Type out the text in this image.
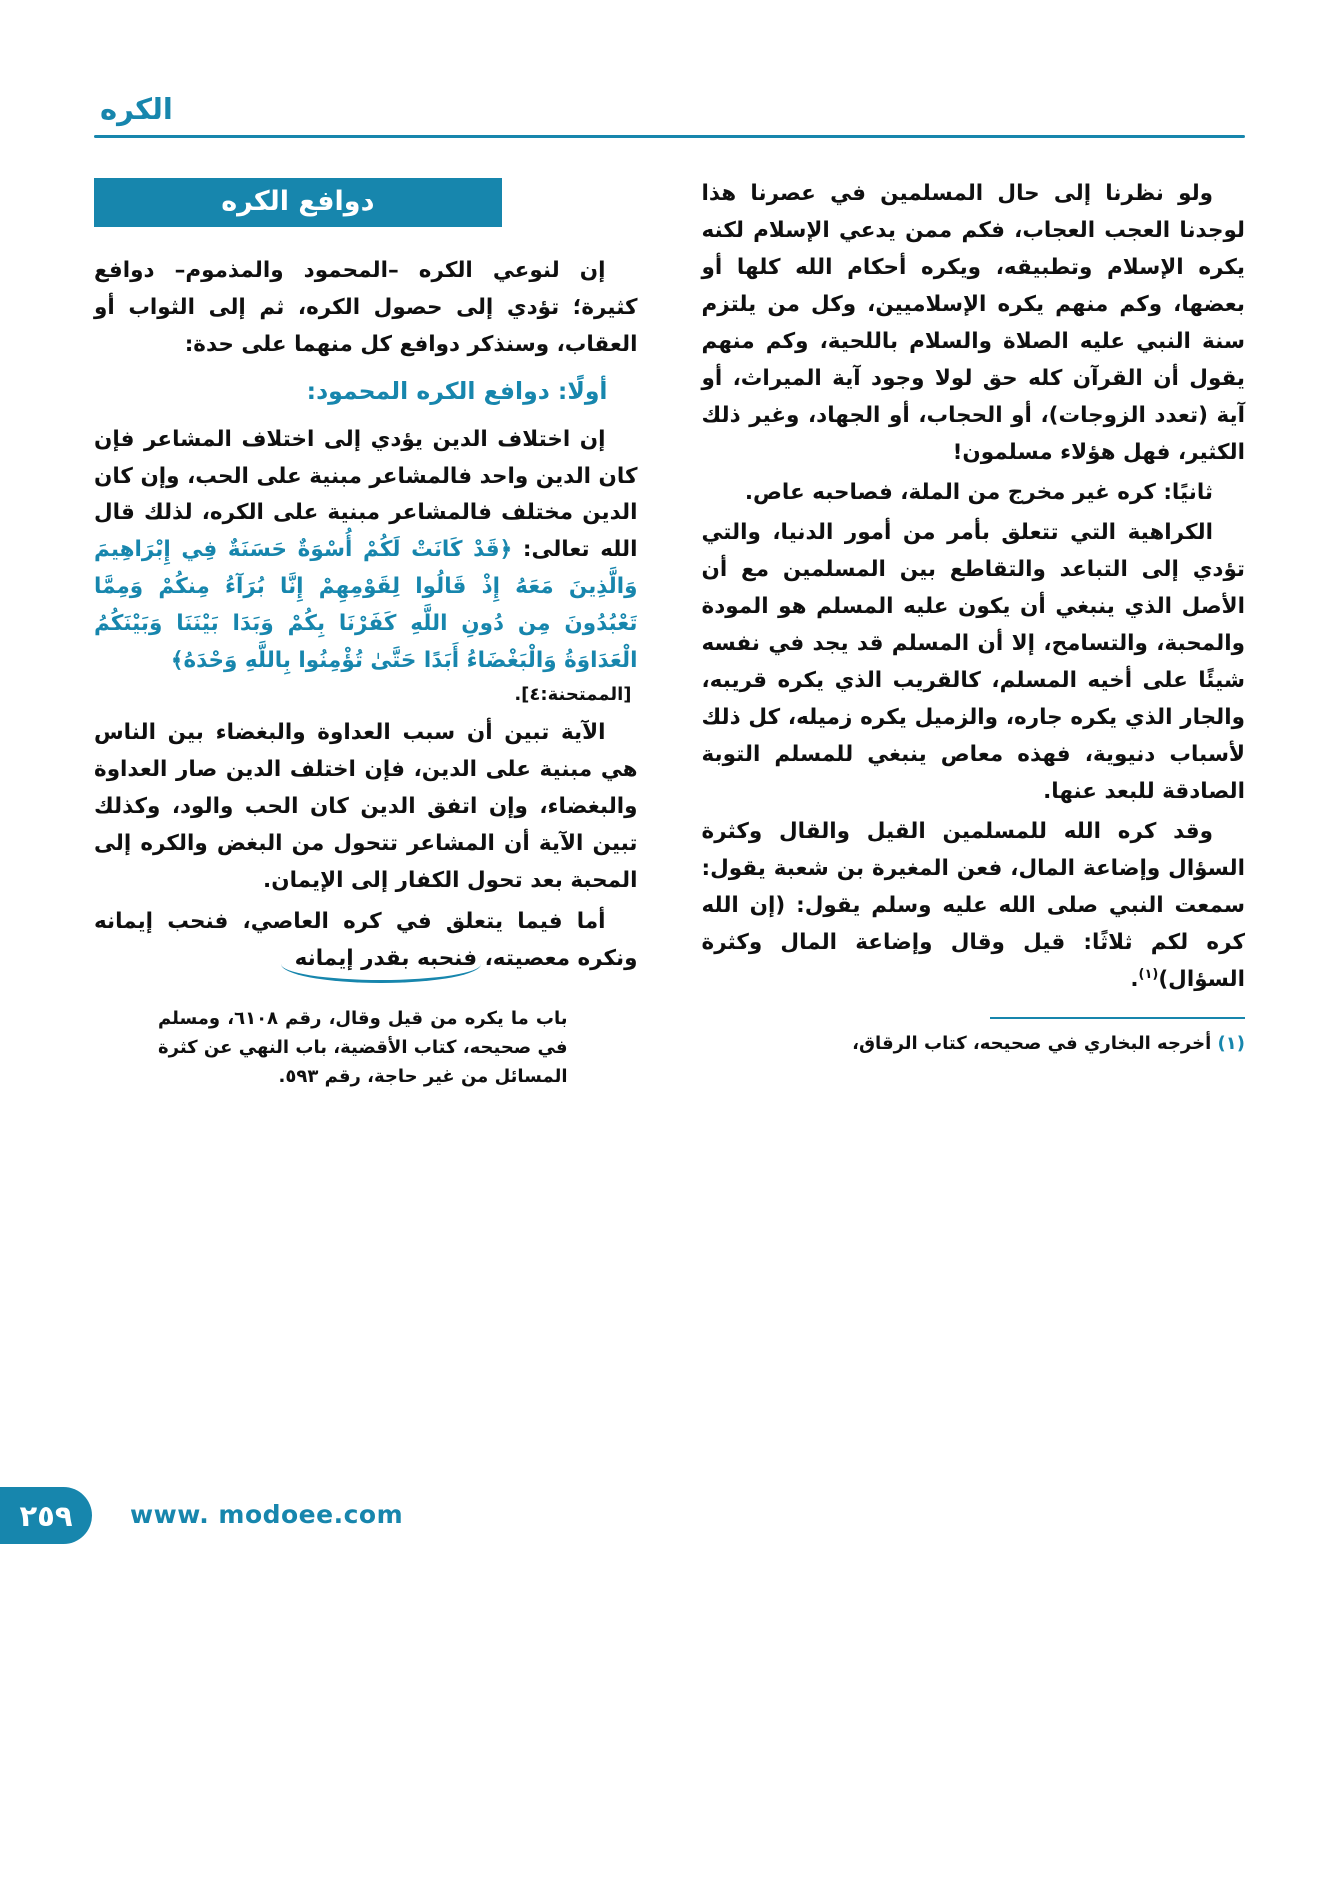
الكره

ولو نظرنا إلى حال المسلمين في عصرنا هذا لوجدنا العجب العجاب، فكم ممن يدعي الإسلام لكنه يكره الإسلام وتطبيقه، ويكره أحكام الله كلها أو بعضها، وكم منهم يكره الإسلاميين، وكل من يلتزم سنة النبي عليه الصلاة والسلام باللحية، وكم منهم يقول أن القرآن كله حق لولا وجود آية الميراث، أو آية (تعدد الزوجات)، أو الحجاب، أو الجهاد، وغير ذلك الكثير، فهل هؤلاء مسلمون!

ثانيًا: كره غير مخرج من الملة، فصاحبه عاص.

الكراهية التي تتعلق بأمر من أمور الدنيا، والتي تؤدي إلى التباعد والتقاطع بين المسلمين مع أن الأصل الذي ينبغي أن يكون عليه المسلم هو المودة والمحبة، والتسامح، إلا أن المسلم قد يجد في نفسه شيئًا على أخيه المسلم، كالقريب الذي يكره قريبه، والجار الذي يكره جاره، والزميل يكره زميله، كل ذلك لأسباب دنيوية، فهذه معاص ينبغي للمسلم التوبة الصادقة للبعد عنها.

وقد كره الله للمسلمين القيل والقال وكثرة السؤال وإضاعة المال، فعن المغيرة بن شعبة يقول: سمعت النبي صلى الله عليه وسلم يقول: (إن الله كره لكم ثلاثًا: قيل وقال وإضاعة المال وكثرة السؤال)$^{(١)}$.

(١) أخرجه البخاري في صحيحه، كتاب الرقاق،

دوافع الكره

إن لنوعي الكره –المحمود والمذموم– دوافع كثيرة؛ تؤدي إلى حصول الكره، ثم إلى الثواب أو العقاب، وسنذكر دوافع كل منهما على حدة:

أولًا: دوافع الكره المحمود:

إن اختلاف الدين يؤدي إلى اختلاف المشاعر فإن كان الدين واحد فالمشاعر مبنية على الحب، وإن كان الدين مختلف فالمشاعر مبنية على الكره، لذلك قال الله تعالى: ﴿قَدْ كَانَتْ لَكُمْ أُسْوَةٌ حَسَنَةٌ فِي إِبْرَاهِيمَ وَالَّذِينَ مَعَهُ إِذْ قَالُوا لِقَوْمِهِمْ إِنَّا بُرَآءُ مِنكُمْ وَمِمَّا تَعْبُدُونَ مِن دُونِ اللَّهِ كَفَرْنَا بِكُمْ وَبَدَا بَيْنَنَا وَبَيْنَكُمُ الْعَدَاوَةُ وَالْبَغْضَاءُ أَبَدًا حَتَّىٰ تُؤْمِنُوا بِاللَّهِ وَحْدَهُ﴾

[الممتحنة:٤].

الآية تبين أن سبب العداوة والبغضاء بين الناس هي مبنية على الدين، فإن اختلف الدين صار العداوة والبغضاء، وإن اتفق الدين كان الحب والود، وكذلك تبين الآية أن المشاعر تتحول من البغض والكره إلى المحبة بعد تحول الكفار إلى الإيمان.

أما فيما يتعلق في كره العاصي، فنحب إيمانه ونكره معصيته، فنحبه بقدر إيمانه

باب ما يكره من قيل وقال، رقم ٦١٠٨، ومسلم في صحيحه، كتاب الأقضية، باب النهي عن كثرة المسائل من غير حاجة، رقم ٥٩٣.

٢٥٩ www. modoee.com
